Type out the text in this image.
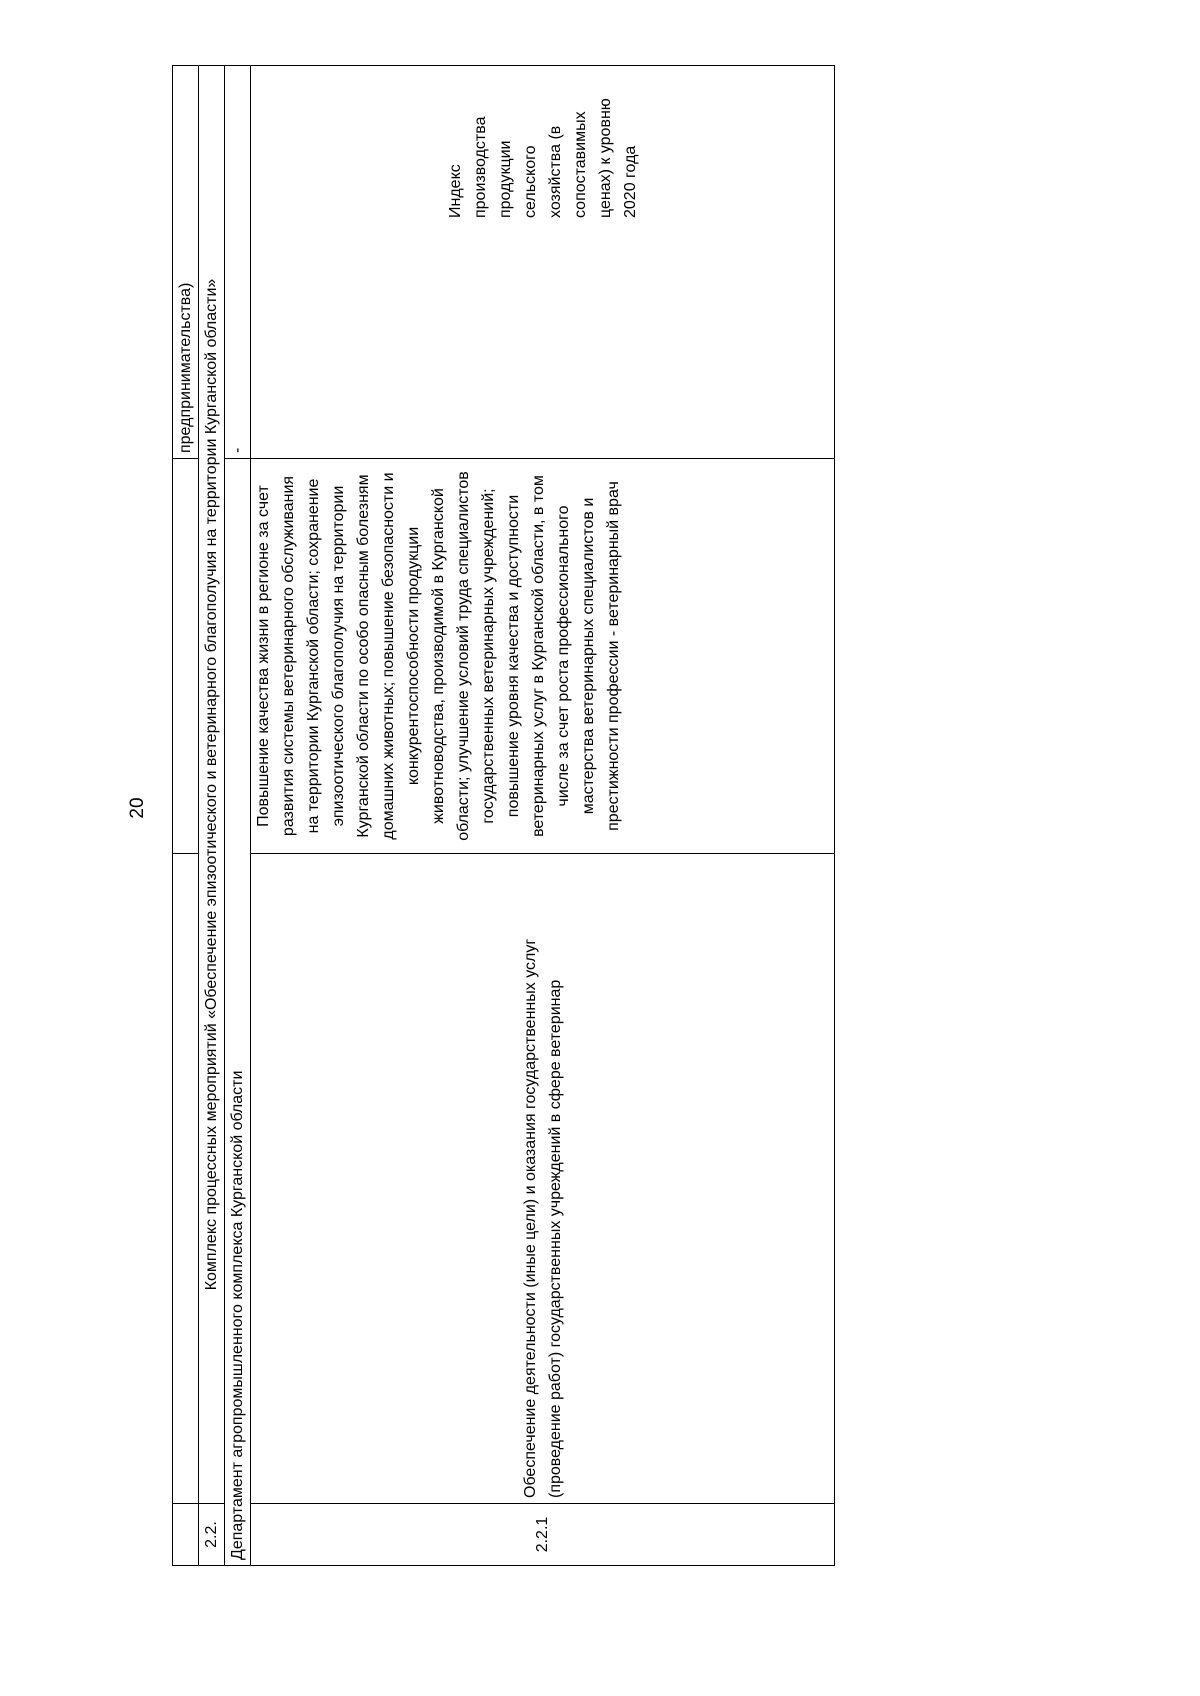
20
			предпринимательства)
2.2.	Комплекс процессных мероприятий «Обеспечение эпизоотического и ветеринарного благополучия на территории Курганской области»		
Департамент агропромышленного комплекса Курганской области			-
2.2.1	Обеспечение деятельности (иные цели) и оказания государственных услуг (проведение работ) государственных учреждений в сфере ветеринар	Повышение качества жизни в регионе за счет развития системы ветеринарного обслуживания на территории Курганской области; сохранение эпизоотического благополучия на территории Курганской области по особо опасным болезням домашних животных; повышение безопасности и конкурентоспособности продукции животноводства, производимой в Курганской области; улучшение условий труда специалистов государственных ветеринарных учреждений; повышение уровня качества и доступности ветеринарных услуг в Курганской области, в том числе за счет роста профессионального мастерства ветеринарных специалистов и престижности профессии - ветеринарный врач	Индекс производства продукции сельского хозяйства (в сопоставимых ценах) к уровню 2020 года
